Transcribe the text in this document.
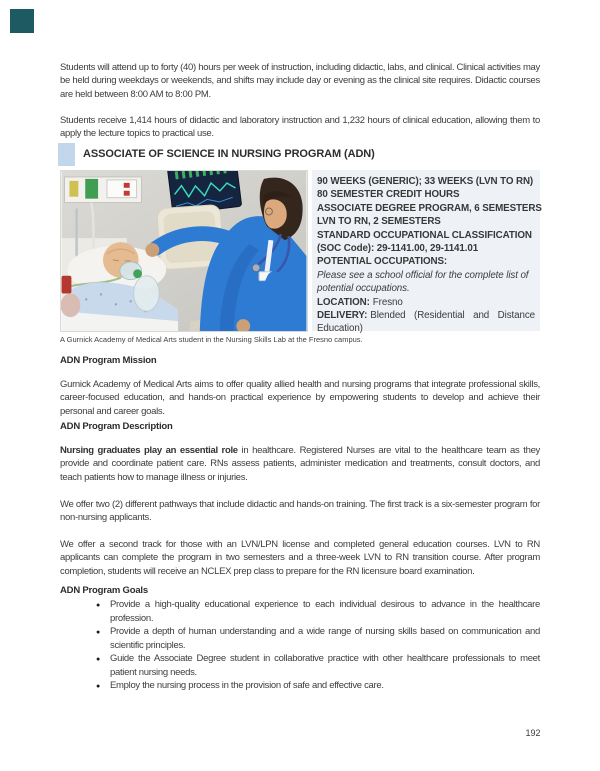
Students will attend up to forty (40) hours per week of instruction, including didactic, labs, and clinical. Clinical activities may be held during weekdays or weekends, and shifts may include day or evening as the clinical site requires. Didactic courses are held between 8:00 AM to 8:00 PM.

Students receive 1,414 hours of didactic and laboratory instruction and 1,232 hours of clinical education, allowing them to apply the lecture topics to practical use.

ASSOCIATE OF SCIENCE IN NURSING PROGRAM (ADN)
90 WEEKS (GENERIC); 33 WEEKS (LVN TO RN)
80 SEMESTER CREDIT HOURS
ASSOCIATE DEGREE PROGRAM, 6 SEMESTERS
LVN TO RN, 2 SEMESTERS
STANDARD OCCUPATIONAL CLASSIFICATION
(SOC Code): 29-1141.00, 29-1141.01
POTENTIAL OCCUPATIONS:
Please see a school official for the complete list of
potential occupations.
LOCATION: Fresno
DELIVERY: Blended (Residential and Distance
Education)
A Gurnick Academy of Medical Arts student in the Nursing Skills Lab at the Fresno campus.
ADN Program Mission

Gurnick Academy of Medical Arts aims to offer quality allied health and nursing programs that integrate professional skills, career-focused education, and hands-on practical experience by empowering students to develop and achieve their personal and career goals.

ADN Program Description

Nursing graduates play an essential role in healthcare. Registered Nurses are vital to the healthcare team as they provide and coordinate patient care. RNs assess patients, administer medication and treatments, consult doctors, and teach patients how to manage illness or injuries.

We offer two (2) different pathways that include didactic and hands-on training. The first track is a six-semester program for non-nursing applicants.

We offer a second track for those with an LVN/LPN license and completed general education courses. LVN to RN applicants can complete the program in two semesters and a three-week LVN to RN transition course. After program completion, students will receive an NCLEX prep class to prepare for the RN licensure board examination.

ADN Program Goals
● Provide a high-quality educational experience to each individual desirous to advance in the healthcare profession.
● Provide a depth of human understanding and a wide range of nursing skills based on communication and scientific principles.
● Guide the Associate Degree student in collaborative practice with other healthcare professionals to meet patient nursing needs.
● Employ the nursing process in the provision of safe and effective care.
192
